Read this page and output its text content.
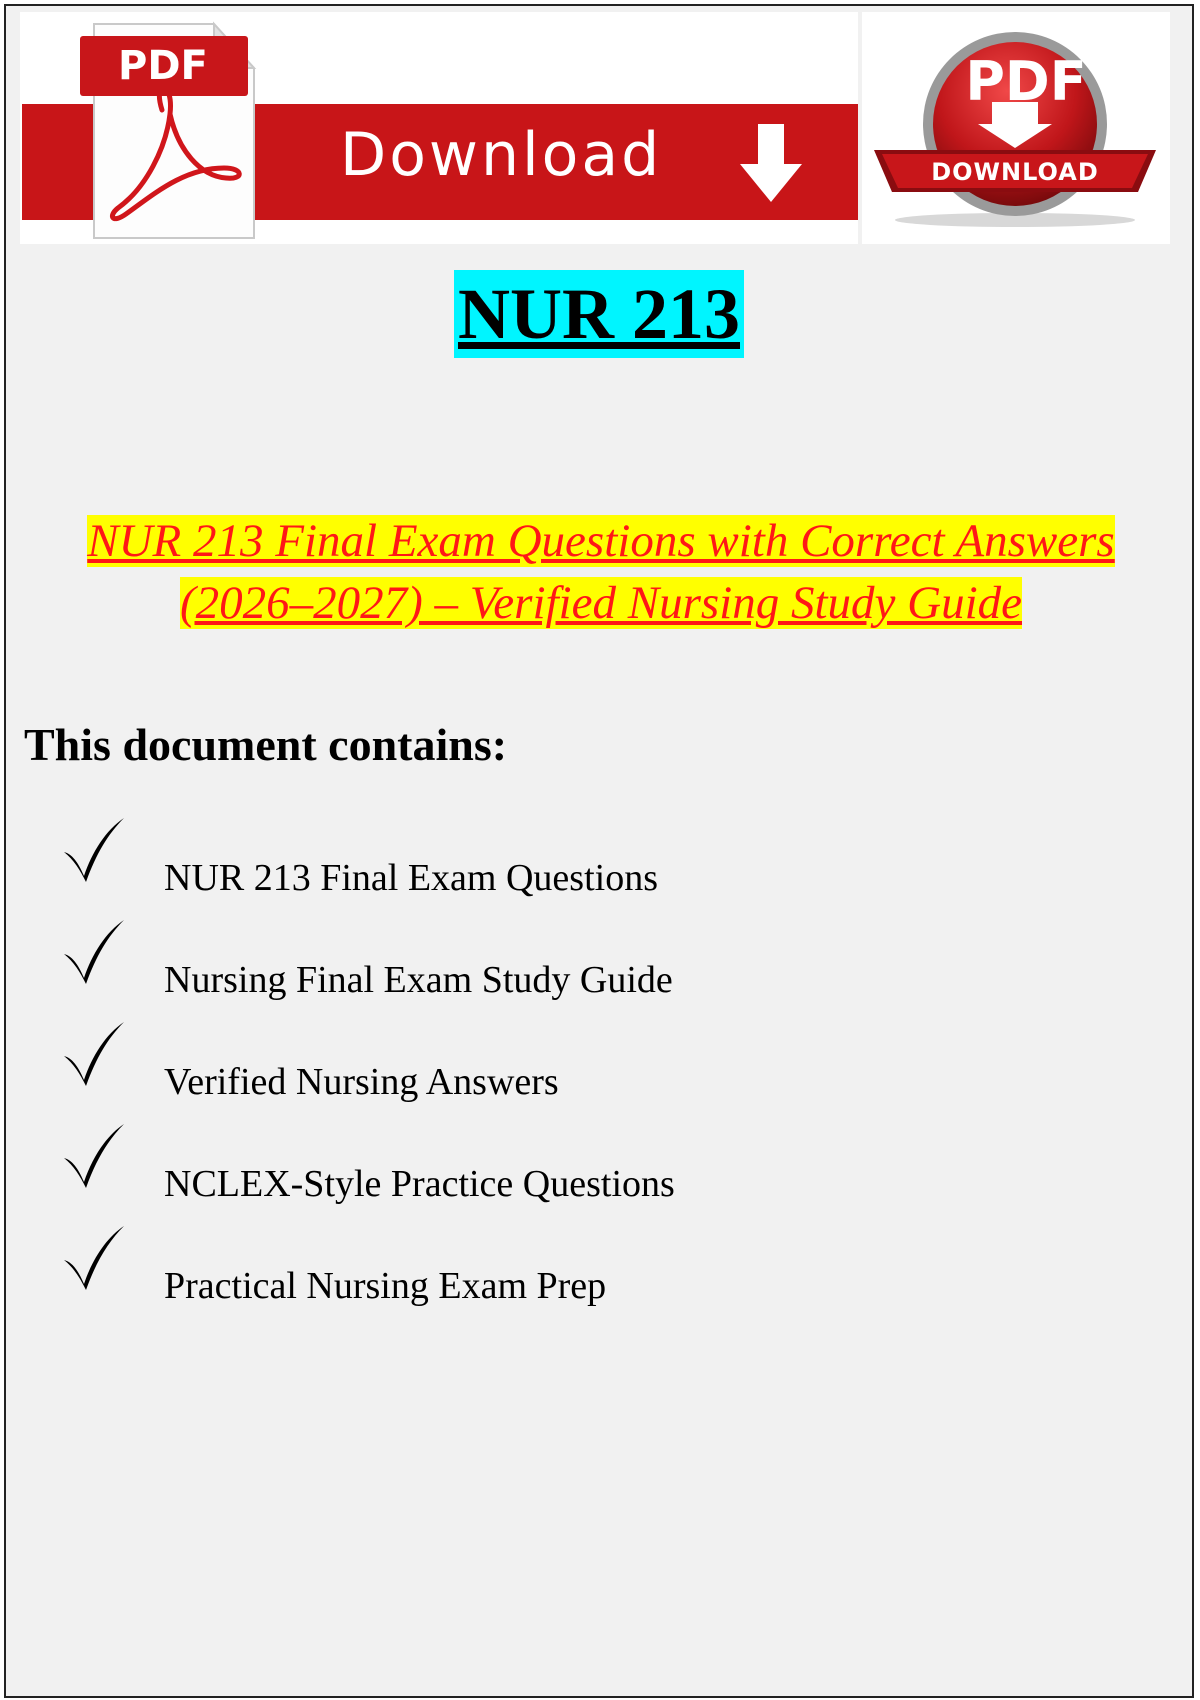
Download
PDF	PDF
DOWNLOAD
NUR 213
NUR 213 Final Exam Questions with Correct Answers (2026–2027) – Verified Nursing Study Guide
This document contains:
NUR 213 Final Exam Questions
Nursing Final Exam Study Guide
Verified Nursing Answers
NCLEX-Style Practice Questions
Practical Nursing Exam Prep
